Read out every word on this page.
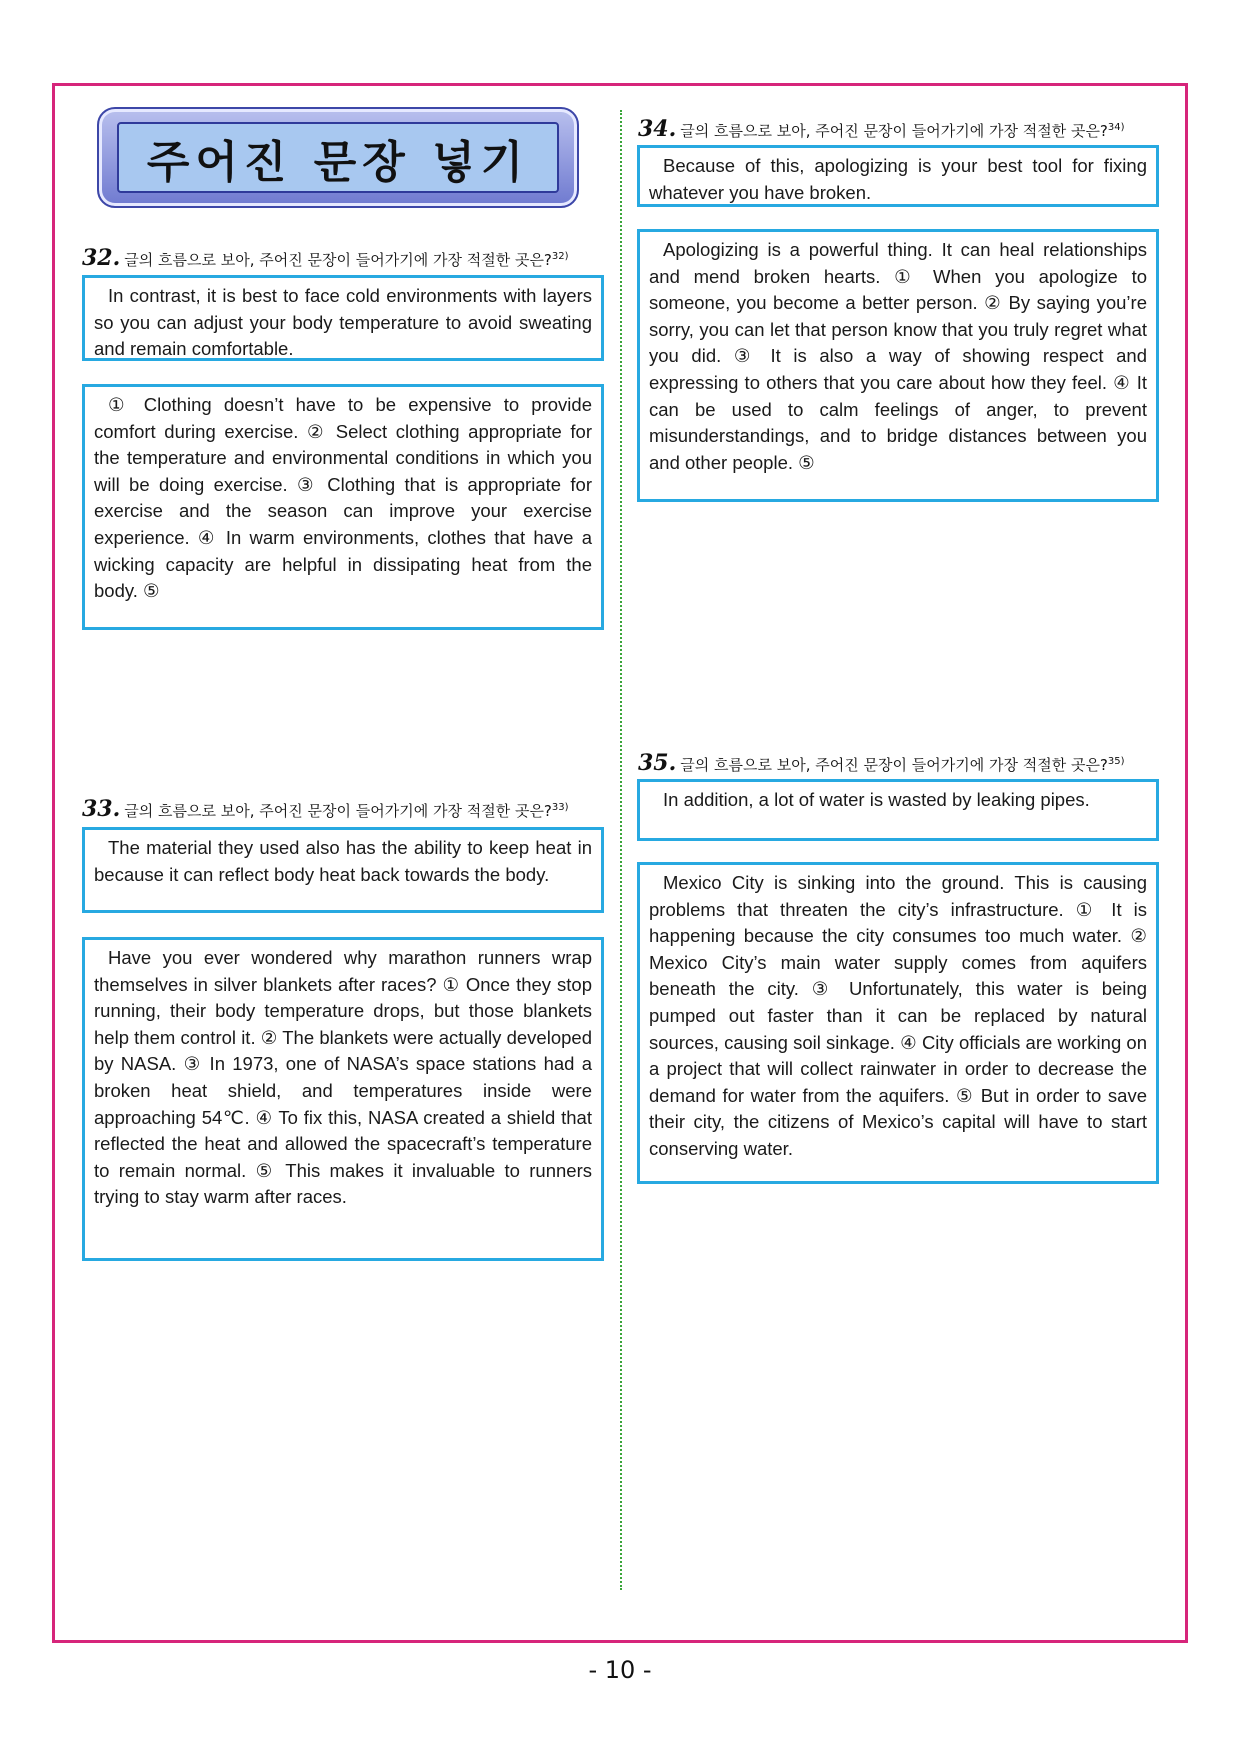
주어진 문장 넣기
32. 글의 흐름으로 보아, 주어진 문장이 들어가기에 가장 적절한 곳은?$^{32)}$

In contrast, it is best to face cold environments with layers so you can adjust your body temperature to avoid sweating and remain comfortable.

① Clothing doesn’t have to be expensive to provide comfort during exercise. ② Select clothing appropriate for the temperature and environmental conditions in which you will be doing exercise. ③ Clothing that is appropriate for exercise and the season can improve your exercise experience. ④ In warm environments, clothes that have a wicking capacity are helpful in dissipating heat from the body. ⑤

33. 글의 흐름으로 보아, 주어진 문장이 들어가기에 가장 적절한 곳은?$^{33)}$

The material they used also has the ability to keep heat in because it can reflect body heat back towards the body.

Have you ever wondered why marathon runners wrap themselves in silver blankets after races? ① Once they stop running, their body temperature drops, but those blankets help them control it. ② The blankets were actually developed by NASA. ③ In 1973, one of NASA’s space stations had a broken heat shield, and temperatures inside were approaching 54℃. ④ To fix this, NASA created a shield that reflected the heat and allowed the spacecraft’s temperature to remain normal. ⑤ This makes it invaluable to runners trying to stay warm after races.

34. 글의 흐름으로 보아, 주어진 문장이 들어가기에 가장 적절한 곳은?$^{34)}$

Because of this, apologizing is your best tool for fixing whatever you have broken.

Apologizing is a powerful thing. It can heal relationships and mend broken hearts. ① When you apologize to someone, you become a better person. ② By saying you’re sorry, you can let that person know that you truly regret what you did. ③ It is also a way of showing respect and expressing to others that you care about how they feel. ④ It can be used to calm feelings of anger, to prevent misunderstandings, and to bridge distances between you and other people. ⑤

35. 글의 흐름으로 보아, 주어진 문장이 들어가기에 가장 적절한 곳은?$^{35)}$

In addition, a lot of water is wasted by leaking pipes.

Mexico City is sinking into the ground. This is causing problems that threaten the city’s infrastructure. ① It is happening because the city consumes too much water. ② Mexico City’s main water supply comes from aquifers beneath the city. ③ Unfortunately, this water is being pumped out faster than it can be replaced by natural sources, causing soil sinkage. ④ City officials are working on a project that will collect rainwater in order to decrease the demand for water from the aquifers. ⑤ But in order to save their city, the citizens of Mexico’s capital will have to start conserving water.

- 10 -
